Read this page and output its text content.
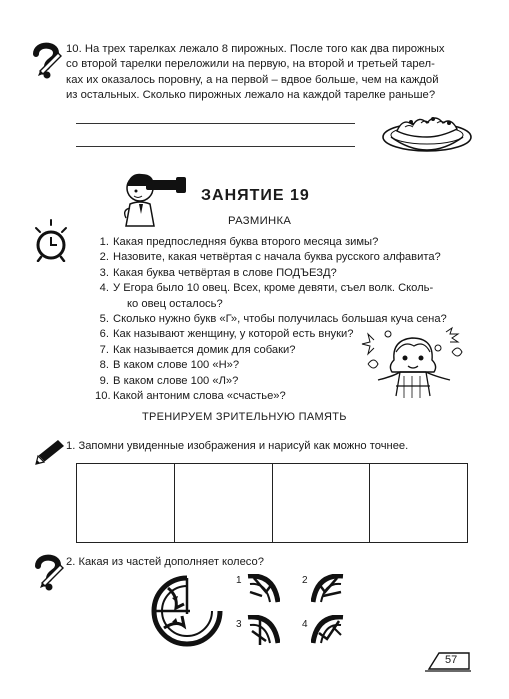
10. На трех тарелках лежало 8 пирожных. После того как два пирожных
со второй тарелки переложили на первую, на второй и третьей тарел-
ках их оказалось поровну, а на первой – вдвое больше, чем на каждой
из остальных. Сколько пирожных лежало на каждой тарелке раньше?
ЗАНЯТИЕ 19
РАЗМИНКА
1. Какая предпоследняя буква второго месяца зимы?
2. Назовите, какая четвёртая с начала буква русского алфавита?
3. Какая буква четвёртая в слове ПОДЪЕЗД?
4. У Егора было 10 овец. Всех, кроме девяти, съел волк. Сколь-
ко овец осталось?
5. Сколько нужно букв «Г», чтобы получилась большая куча сена?
6. Как называют женщину, у которой есть внуки?
7. Как называется домик для собаки?
8. В каком слове 100 «Н»?
9. В каком слове 100 «Л»?
10. Какой антоним слова «счастье»?
ТРЕНИРУЕМ ЗРИТЕЛЬНУЮ ПАМЯТЬ
1. Запомни увиденные изображения и нарисуй как можно точнее.
2. Какая из частей дополняет колесо?
1	2
3	4
57
